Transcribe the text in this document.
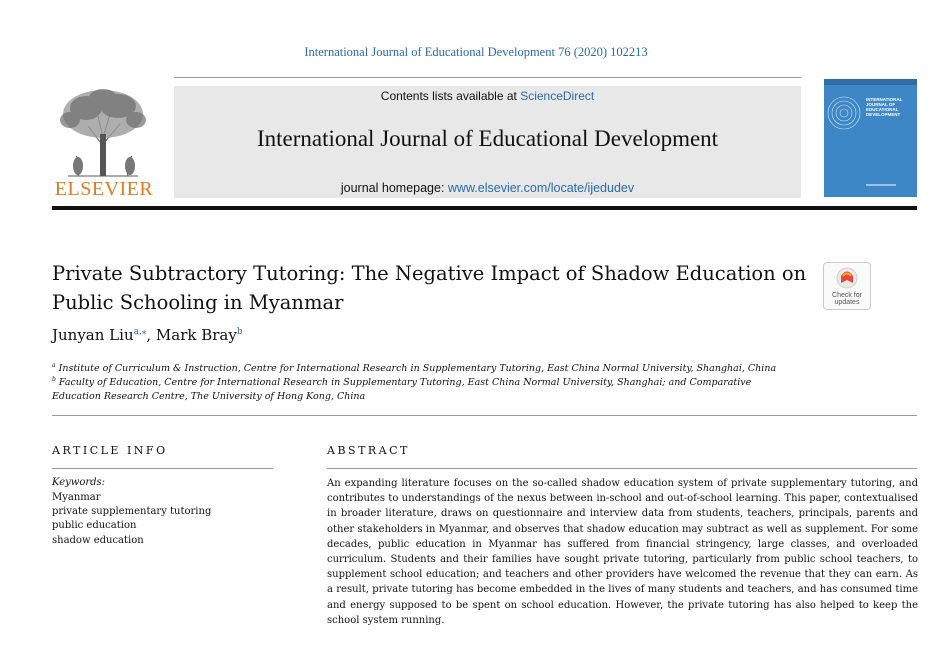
International Journal of Educational Development 76 (2020) 102213
ELSEVIER
Contents lists available at ScienceDirect
International Journal of Educational Development
journal homepage: www.elsevier.com/locate/ijedudev
INTERNATIONAL JOURNAL OF EDUCATIONAL DEVELOPMENT
Private Subtractory Tutoring: The Negative Impact of Shadow Education on Public Schooling in Myanmar	Check for
updates
Junyan Liu$^{a,⁎}$, Mark Bray$^b$
$^a$ Institute of Curriculum & Instruction, Centre for International Research in Supplementary Tutoring, East China Normal University, Shanghai, China
$^b$ Faculty of Education, Centre for International Research in Supplementary Tutoring, East China Normal University, Shanghai; and Comparative Education Research Centre, The University of Hong Kong, China
ARTICLE INFO
Keywords:
Myanmar
private supplementary tutoring
public education
shadow education
ABSTRACT
An expanding literature focuses on the so-called shadow education system of private supplementary tutoring, and contributes to understandings of the nexus between in-school and out-of-school learning. This paper, contextualised in broader literature, draws on questionnaire and interview data from students, teachers, principals, parents and other stakeholders in Myanmar, and observes that shadow education may subtract as well as supplement. For some decades, public education in Myanmar has suffered from financial stringency, large classes, and overloaded curriculum. Students and their families have sought private tutoring, particularly from public school teachers, to supplement school education; and teachers and other providers have welcomed the revenue that they can earn. As a result, private tutoring has become embedded in the lives of many students and teachers, and has consumed time and energy supposed to be spent on school education. However, the private tutoring has also helped to keep the school system running.
